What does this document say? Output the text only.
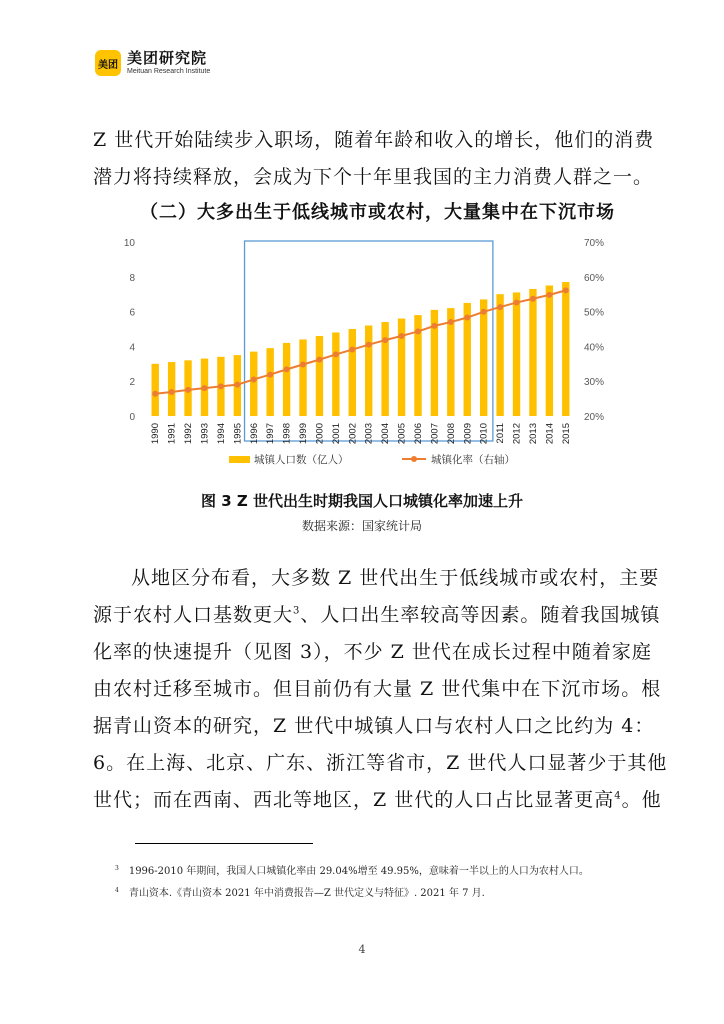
美团 美团研究院
Meituan Research Institute
Z 世代开始陆续步入职场，随着年龄和收入的增长，他们的消费
潜力将持续释放，会成为下个十年里我国的主力消费人群之一。
（二）大多出生于低线城市或农村，大量集中在下沉市场
0
2
4
6
8
10
20%
30%
40%
50%
60%
70%
1990 1991 1992 1993 1994 1995 1996 1997 1998 1999 2000 2001 2002 2003 2004 2005 2006 2007 2008 2009 2010 2011 2012 2013 2014 2015
城镇人口数（亿人）	城镇化率（右轴）
图 3 Z 世代出生时期我国人口城镇化率加速上升
数据来源：国家统计局
从地区分布看，大多数 Z 世代出生于低线城市或农村，主要
源于农村人口基数更大$^3$、人口出生率较高等因素。随着我国城镇
化率的快速提升（见图 3），不少 Z 世代在成长过程中随着家庭
由农村迁移至城市。但目前仍有大量 Z 世代集中在下沉市场。根
据青山资本的研究，Z 世代中城镇人口与农村人口之比约为 4：
6。在上海、北京、广东、浙江等省市，Z 世代人口显著少于其他
世代；而在西南、西北等地区，Z 世代的人口占比显著更高$^4$。他
$^3$ 1996-2010 年期间，我国人口城镇化率由 29.04%增至 49.95%，意味着一半以上的人口为农村人口。
$^4$ 青山资本.《青山资本 2021 年中消费报告—Z 世代定义与特征》. 2021 年 7 月.
4
